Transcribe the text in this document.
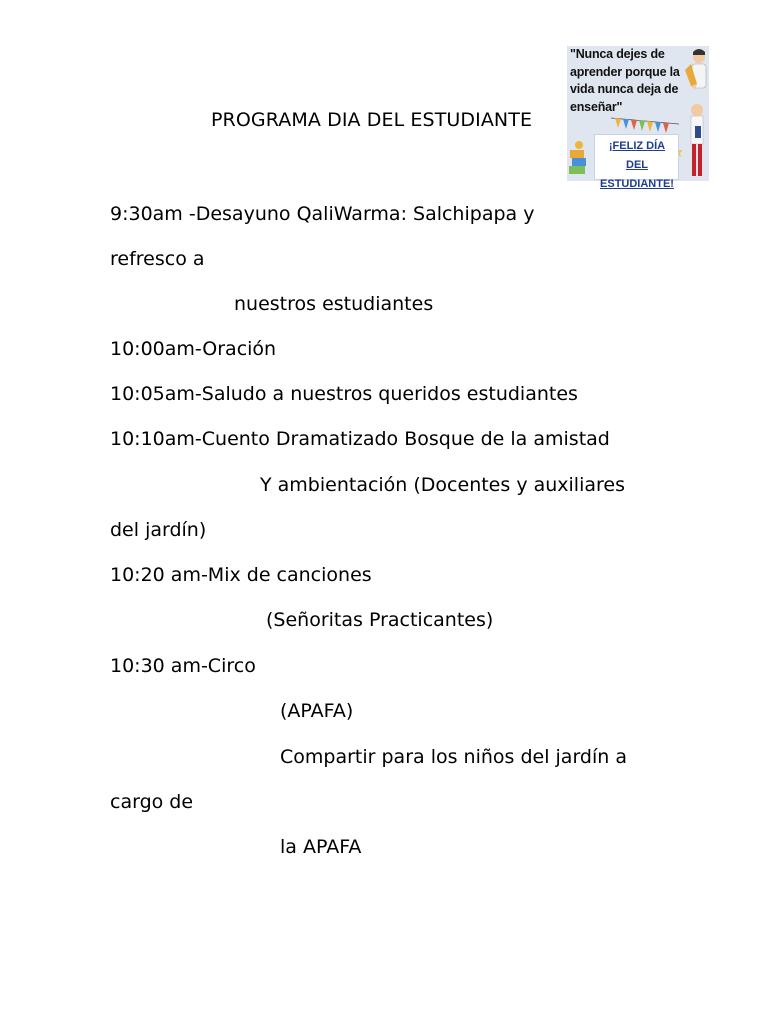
PROGRAMA DIA DEL ESTUDIANTE
"Nunca dejes de
aprender porque la
vida nunca deja de
enseñar"
¡FELIZ DÍA DEL
ESTUDIANTE!
9:30am -Desayuno QaliWarma: Salchipapa y
refresco a
nuestros estudiantes
10:00am-Oración
10:05am-Saludo a nuestros queridos estudiantes
10:10am-Cuento Dramatizado Bosque de la amistad
Y ambientación (Docentes y auxiliares
del jardín)
10:20 am-Mix de canciones
(Señoritas Practicantes)
10:30 am-Circo
(APAFA)
Compartir para los niños del jardín a
cargo de
la APAFA
